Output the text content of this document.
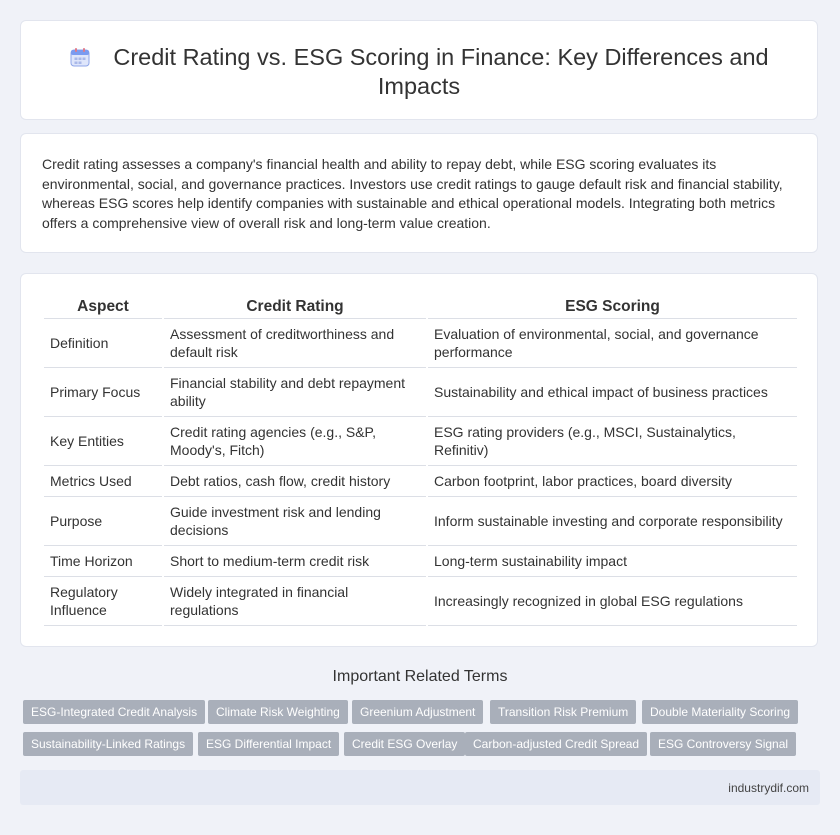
Credit Rating vs. ESG Scoring in Finance: Key Differences and Impacts
Credit rating assesses a company's financial health and ability to repay debt, while ESG scoring evaluates its environmental, social, and governance practices. Investors use credit ratings to gauge default risk and financial stability, whereas ESG scores help identify companies with sustainable and ethical operational models. Integrating both metrics offers a comprehensive view of overall risk and long-term value creation.
Aspect	Credit Rating	ESG Scoring
Definition	Assessment of creditworthiness and default risk	Evaluation of environmental, social, and governance performance
Primary Focus	Financial stability and debt repayment ability	Sustainability and ethical impact of business practices
Key Entities	Credit rating agencies (e.g., S&P, Moody's, Fitch)	ESG rating providers (e.g., MSCI, Sustainalytics, Refinitiv)
Metrics Used	Debt ratios, cash flow, credit history	Carbon footprint, labor practices, board diversity
Purpose	Guide investment risk and lending decisions	Inform sustainable investing and corporate responsibility
Time Horizon	Short to medium-term credit risk	Long-term sustainability impact
Regulatory Influence	Widely integrated in financial regulations	Increasingly recognized in global ESG regulations
Important Related Terms
ESG-Integrated Credit Analysis	Climate Risk Weighting	Greenium Adjustment	Transition Risk Premium	Double Materiality Scoring
Sustainability-Linked Ratings	ESG Differential Impact	Credit ESG Overlay	Carbon-adjusted Credit Spread	ESG Controversy Signal
industrydif.com
